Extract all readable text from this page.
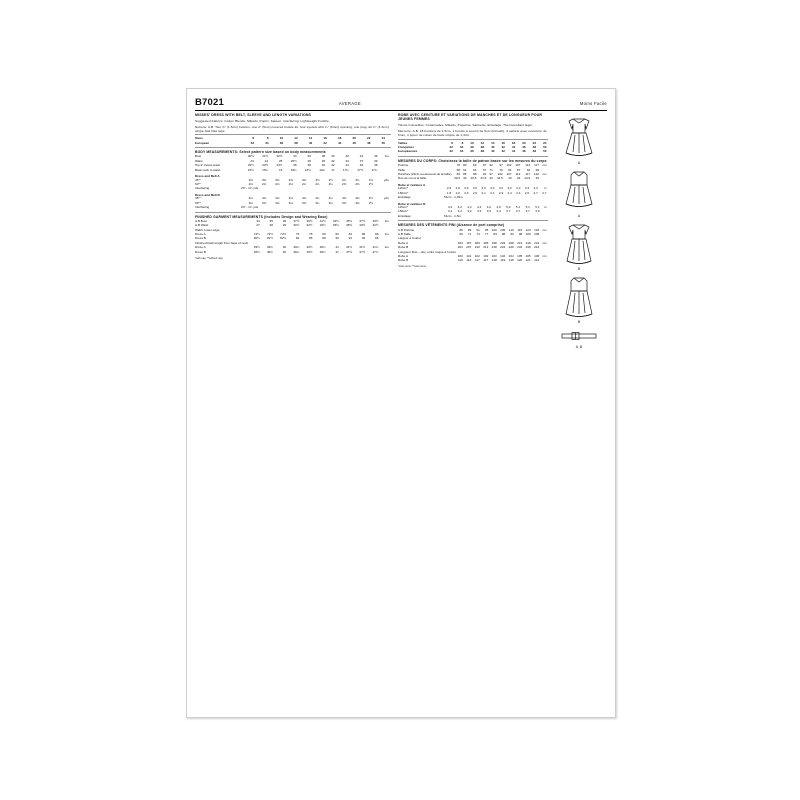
B7021	AVERAGE	Moins Facile
MISSES' DRESS WITH BELT, SLEEVE AND LENGTH VARIATIONS
Suggested Fabrics: Cotton Blends, Mikado, Poplin, Sateen. Interfacing: Lightweight Fusible.
Notions: A,B: Two ⅝" (1.5cm) buttons, one 2" (5cm) covered buckle kit, four eyelets with ¼" (6mm) opening, one plug, all ¼" (1.3cm) single-fold bias tape.
Sizes	6	8	10	12	14	16	18	20	22	24	
European	32	34	36	38	40	42	44	46	48	50	
BODY MEASUREMENTS: Select pattern size based on body measurements
Bust	30½	31½	32½	34	36	38	40	42	44	46	ins.
Waist	23	24	25	26½	28	30	32	34	37	39	
Hip-9" below waist	32½	33½	34½	36	38	40	42	44	46	48	
Back neck to waist	15½	15¾	16	16¼	16½	16¾	17	17¼	17½	17¾	
Dress and Belt A
45"*	3⅜	3⅜	3⅜	3⅜	3⅜	3½	3½	3¾	3¾	3⅞	yds.
60"*	2⅛	2⅛	2⅛	2⅛	2¼	2¼	2¼	2⅜	2⅜	2½	
Interfacing	20" - 1¼ yds.										
Dress and Belt B
45"*	4⅛	4⅛	4⅛	4⅛	4⅛	4¼	4¼	4⅜	4⅜	4½	yds.
60"*	3⅛	3⅛	3⅛	3⅛	3⅛	3¼	3¼	3⅜	3⅜	3½	
Interfacing	20" - 1¼ yds.										
FINISHED GARMENT MEASUREMENTS (Includes Design and Wearing Ease)
A,B Bust	34	35	36	37½	39½	41½	43½	45½	47½	49½	ins.
A,B Waist	27	28	29	30½	32½	34½	36½	38½	40½	42½	
Width, lower edge											
Dress A	72½	73½	74½	76	78	80	82	84	86	88	ins.
Dress B	80½	81½	82½	84	86	88	90	92	94	96	
Finished back length from base of neck											
Dress A	39½	39¾	40	40¼	40½	40¾	41	41½	41½	41¾	ins.
Dress B	45½	45¾	46	46¼	46½	46¾	47	47½	47½	47¾	
*with nap. **without nap.
ROBE AVEC CEINTURE ET VARIATIONS DE MANCHES ET DE LONGUEUR POUR JEUNES FEMMES
Tissus Conseillés: Cotonnades, Mikado, Popeline, Satinette. Entoilage: Thermocollant léger.
Mercerie: A,B: 18 boutons de 1,5cm, 1 boucle à couvrir de 5cm (kit/outil), 4 oeillets avec ouverture de 6mm, 1 jupon de ruban de biais simple de 1,3cm.
Tailles	6	8	10	12	14	16	18	20	22	24
Françaises	32	34	36	38	40	42	44	46	48	50
Européennes	32	34	36	38	40	42	44	46	48	50
MESURES DU CORPS: Choisissez la taille de patron basée sur les mesures du corps
Poitrine	78	80	83	87	92	97	102	107	112	117	cm
Taille	58	61	64	67	71	76	81	87	94	99	
Hanches (23cm au-dessous de la taille)	83	85	88	92	97	102	107	112	117	122	cm
Dos de cou à la taille	39,5	40	40,5	41,5	42	42,5	43	44	44,5	45	
Robe et ceinture A
115cm*	2,9	2,9	2,9	3,0	3,0	3,0	3,2	3,2	3,3	3,3	3,4	m
150cm*	1,8	2,0	2,0	2,0	2,1	2,1	2,3	2,4	2,4	2,6	2,7	2,7
Entoilage	51cm - 1,45m											
Robe et ceinture B
115cm*	4,2	4,2	4,2	4,2	4,2	4,9	5,0	5,1	5,1	5,1	m
150cm*	3,1	3,2	3,2	3,3	3,3	3,4	3,7	3,7	3,7	3,9	
Entoilage	51cm - 1,5m										
MESURES DES VÊTEMENTS FINI (Aisance de port comprise)
A,B Poitrine	86	89	91	95	100	105	110	115	123	126	cm
A,B Taille	69	71	74	77	83	88	93	98	106	108	
Largeur à l'ourlet											
Robe A	184	187	189	195	198	203	208	213	218	224	cm
Robe B	204	207	210	213	218	224	229	234	239	244	
Longueur finie – dos, entre nuque à l'ourlet											
Robe A	100	101	102	102	103	104	104	105	105	106	cm
Robe B	116	116	117	117	118	119	119	120	121	121	
*avec sens. **sans sens.
A
A
B
B
A, B
